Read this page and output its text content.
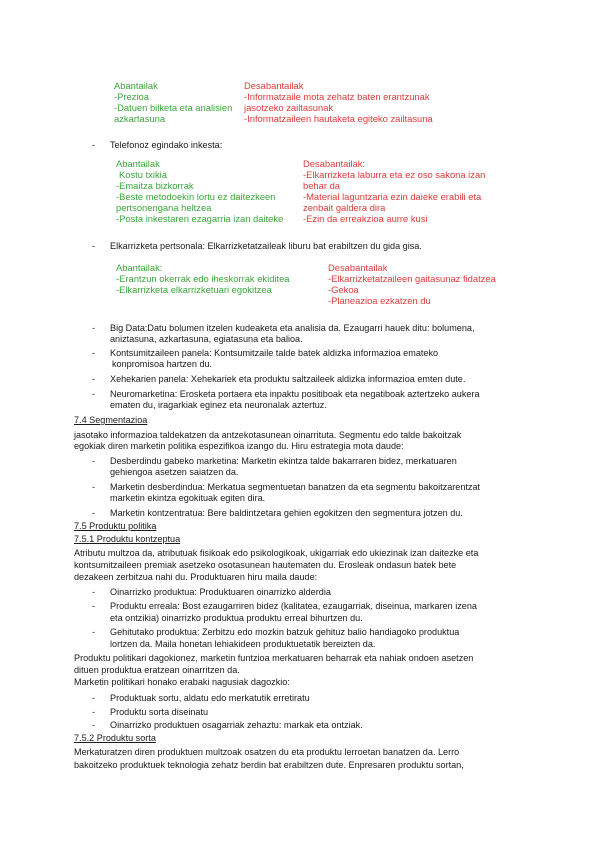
Abantailak
-Prezioa
-Datuen bilketa eta analisien
azkartasuna
Desabantailak
-Informatzaile mota zehatz baten erantzunak
jasotzeko zailtasunak
-Informatzaileen hautaketa egiteko zailtasuna
- Telefonoz egindako inkesta:
Abantailak
Kostu txikia
-Emaitza bizkorrak
-Beste metodoekin lortu ez daitezkeen
pertsonengana heltzea
-Posta inkestaren ezagarria izan daiteke
Desabantailak:
-Elkarrizketa laburra eta ez oso sakona izan
behar da
-Material laguntzaria ezin daieke erabili eta
zenbait galdera dira
-Ezin da erreakzioa aurre kusi
- Elkarrizketa pertsonala: Elkarrizketatzaileak liburu bat erabiltzen du gida gisa.
Abantailak:
-Erantzun okerrak edo iheskorrak ekiditea
-Elkarrizketa elkarrizketuari egokitzea
Desabantailak
-Elkarrizketatzaileen gaitasunaz fidatzea
-Gekoa
-Planeazioa ezkatzen du
- Big Data:Datu bolumen itzelen kudeaketa eta analisia da. Ezaugarri hauek ditu: bolumena,
aniztasuna, azkartasuna, egiatasuna eta balioa.
- Kontsumitzaileen panela: Kontsumitzaile talde batek aldizka informazioa emateko
konpromisoa hartzen du.
- Xehekarien panela: Xehekariek eta produktu saltzaileek aldizka informazioa emten dute.
- Neuromarketina: Erosketa portaera eta inpaktu positiboak eta negatiboak aztertzeko aukera
ematen du, iragarkiak eginez eta neuronalak aztertuz.
7.4 Segmentazioa
jasotako informazioa taldekatzen da antzekotasunean oinarrituta. Segmentu edo talde bakoitzak
egokiak diren marketin politika espezifikoa izango du. Hiru estrategia mota daude:
- Desberdindu gabeko marketina: Marketin ekintza talde bakarraren bidez, merkatuaren
gehiengoa asetzen saiatzen da.
- Marketin desberdindua: Merkatua segmentuetan banatzen da eta segmentu bakoitzarentzat
marketin ekintza egokituak egiten dira.
- Marketin kontzentratua: Bere baldintzetara gehien egokitzen den segmentura jotzen du.
7.5 Produktu politika
7.5.1 Produktu kontzeptua
Atributu multzoa da, atributuak fisikoak edo psikologikoak, ukigarriak edo ukiezinak izan daitezke eta
kontsumitzaileen premiak asetzeko osotasunean hautematen du. Erosleak ondasun batek bete
dezakeen zerbitzua nahi du. Produktuaren hiru maila daude:
- Oinarrizko produktua: Produktuaren oinarrizko alderdia
- Produktu erreala: Bost ezaugarriren bidez (kalitatea, ezaugarriak, diseinua, markaren izena
eta ontzikia) oinarrizko produktua produktu erreal bihurtzen du.
- Gehitutako produktua: Zerbitzu edo mozkin batzuk gehituz balio handiagoko produktua
lortzen da. Maila honetan lehiakideen produktuetatik bereizten da.
Produktu politikari dagokionez, marketin funtzioa merkatuaren beharrak eta nahiak ondoen asetzen
dituen produktua eratzean oinarritzen da.
Marketin politikari honako erabaki nagusiak dagozkio:
- Produktuak sortu, aldatu edo merkatutik erretiratu
- Produktu sorta diseinatu
- Oinarrizko produktuen osagarriak zehaztu: markak eta ontziak.
7.5.2 Produktu sorta
Merkaturatzen diren produktuen multzoak osatzen du eta produktu lerroetan banatzen da. Lerro
bakoitzeko produktuek teknologia zehatz berdin bat erabiltzen dute. Enpresaren produktu sortan,
